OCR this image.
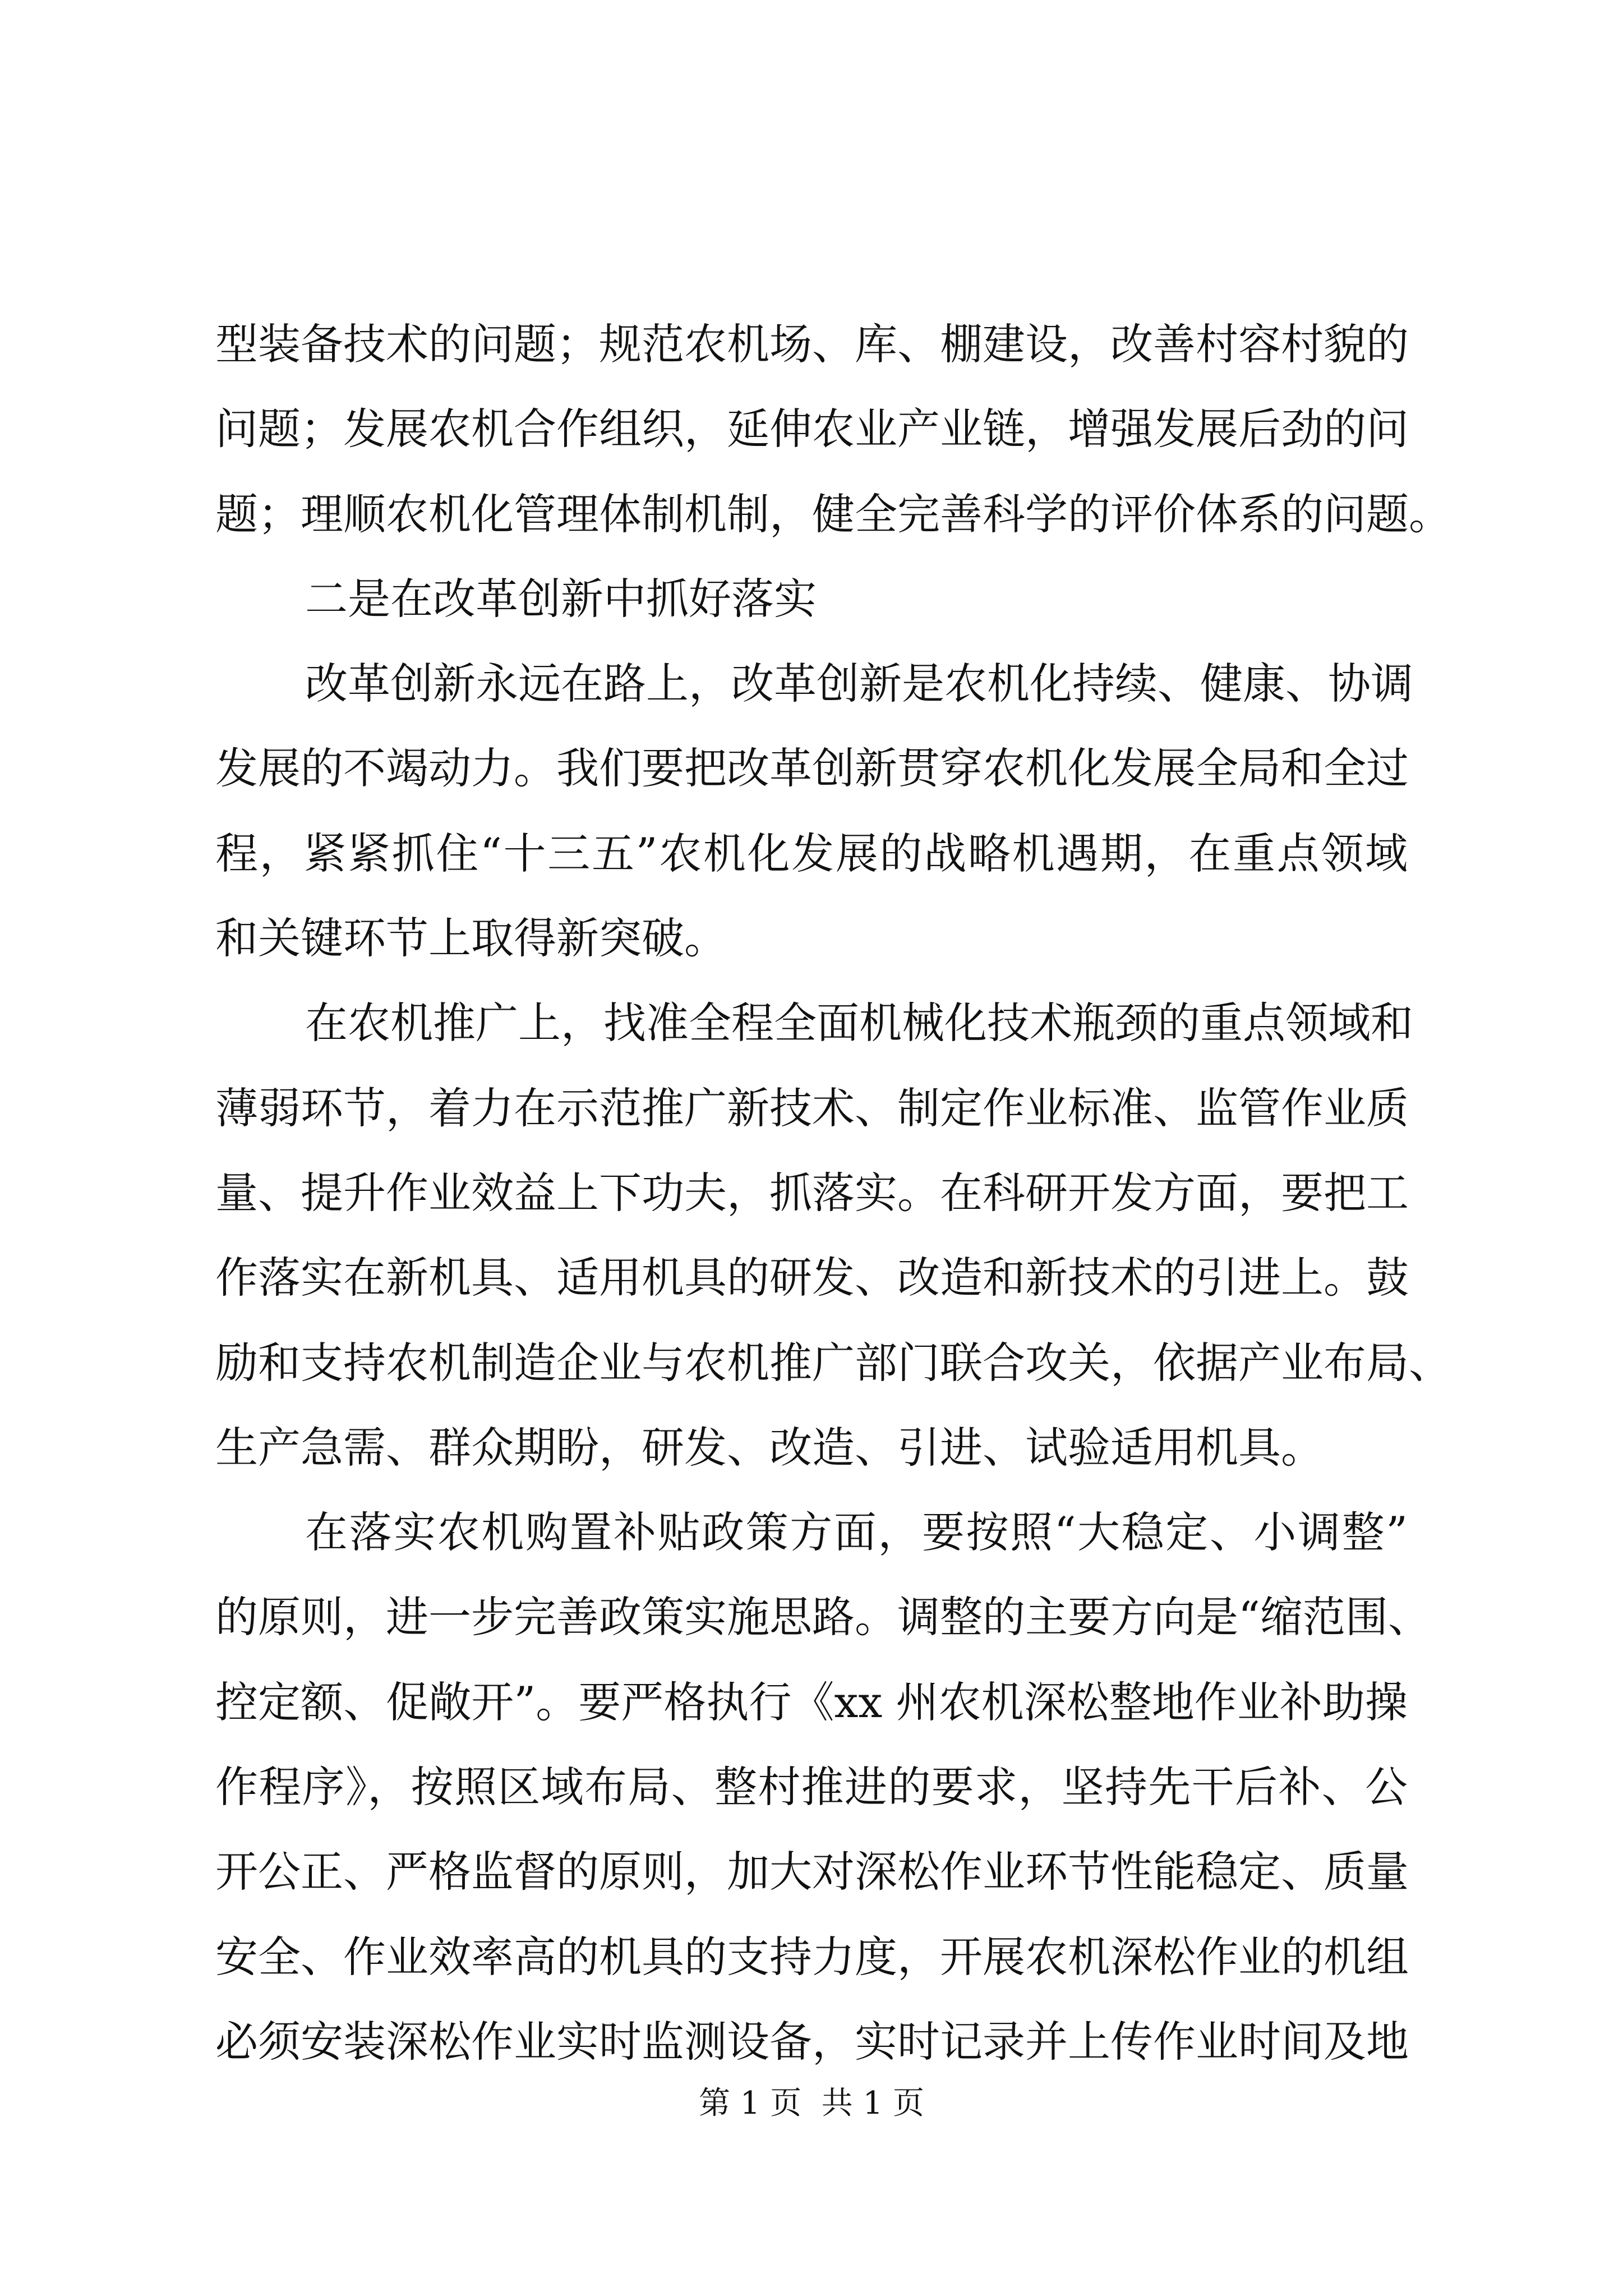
型装备技术的问题；规范农机场、库、棚建设，改善村容村貌的
问题；发展农机合作组织，延伸农业产业链，增强发展后劲的问
题；理顺农机化管理体制机制，健全完善科学的评价体系的问题。
二是在改革创新中抓好落实
改革创新永远在路上，改革创新是农机化持续、健康、协调
发展的不竭动力。我们要把改革创新贯穿农机化发展全局和全过
程，紧紧抓住“十三五”农机化发展的战略机遇期，在重点领域
和关键环节上取得新突破。
在农机推广上，找准全程全面机械化技术瓶颈的重点领域和
薄弱环节，着力在示范推广新技术、制定作业标准、监管作业质
量、提升作业效益上下功夫，抓落实。在科研开发方面，要把工
作落实在新机具、适用机具的研发、改造和新技术的引进上。鼓
励和支持农机制造企业与农机推广部门联合攻关，依据产业布局、
生产急需、群众期盼，研发、改造、引进、试验适用机具。
在落实农机购置补贴政策方面，要按照“大稳定、小调整”
的原则，进一步完善政策实施思路。调整的主要方向是“缩范围、
控定额、促敞开”。要严格执行《xx 州农机深松整地作业补助操
作程序》，按照区域布局、整村推进的要求，坚持先干后补、公
开公正、严格监督的原则，加大对深松作业环节性能稳定、质量
安全、作业效率高的机具的支持力度，开展农机深松作业的机组
必须安装深松作业实时监测设备，实时记录并上传作业时间及地
第 1 页  共 1 页
